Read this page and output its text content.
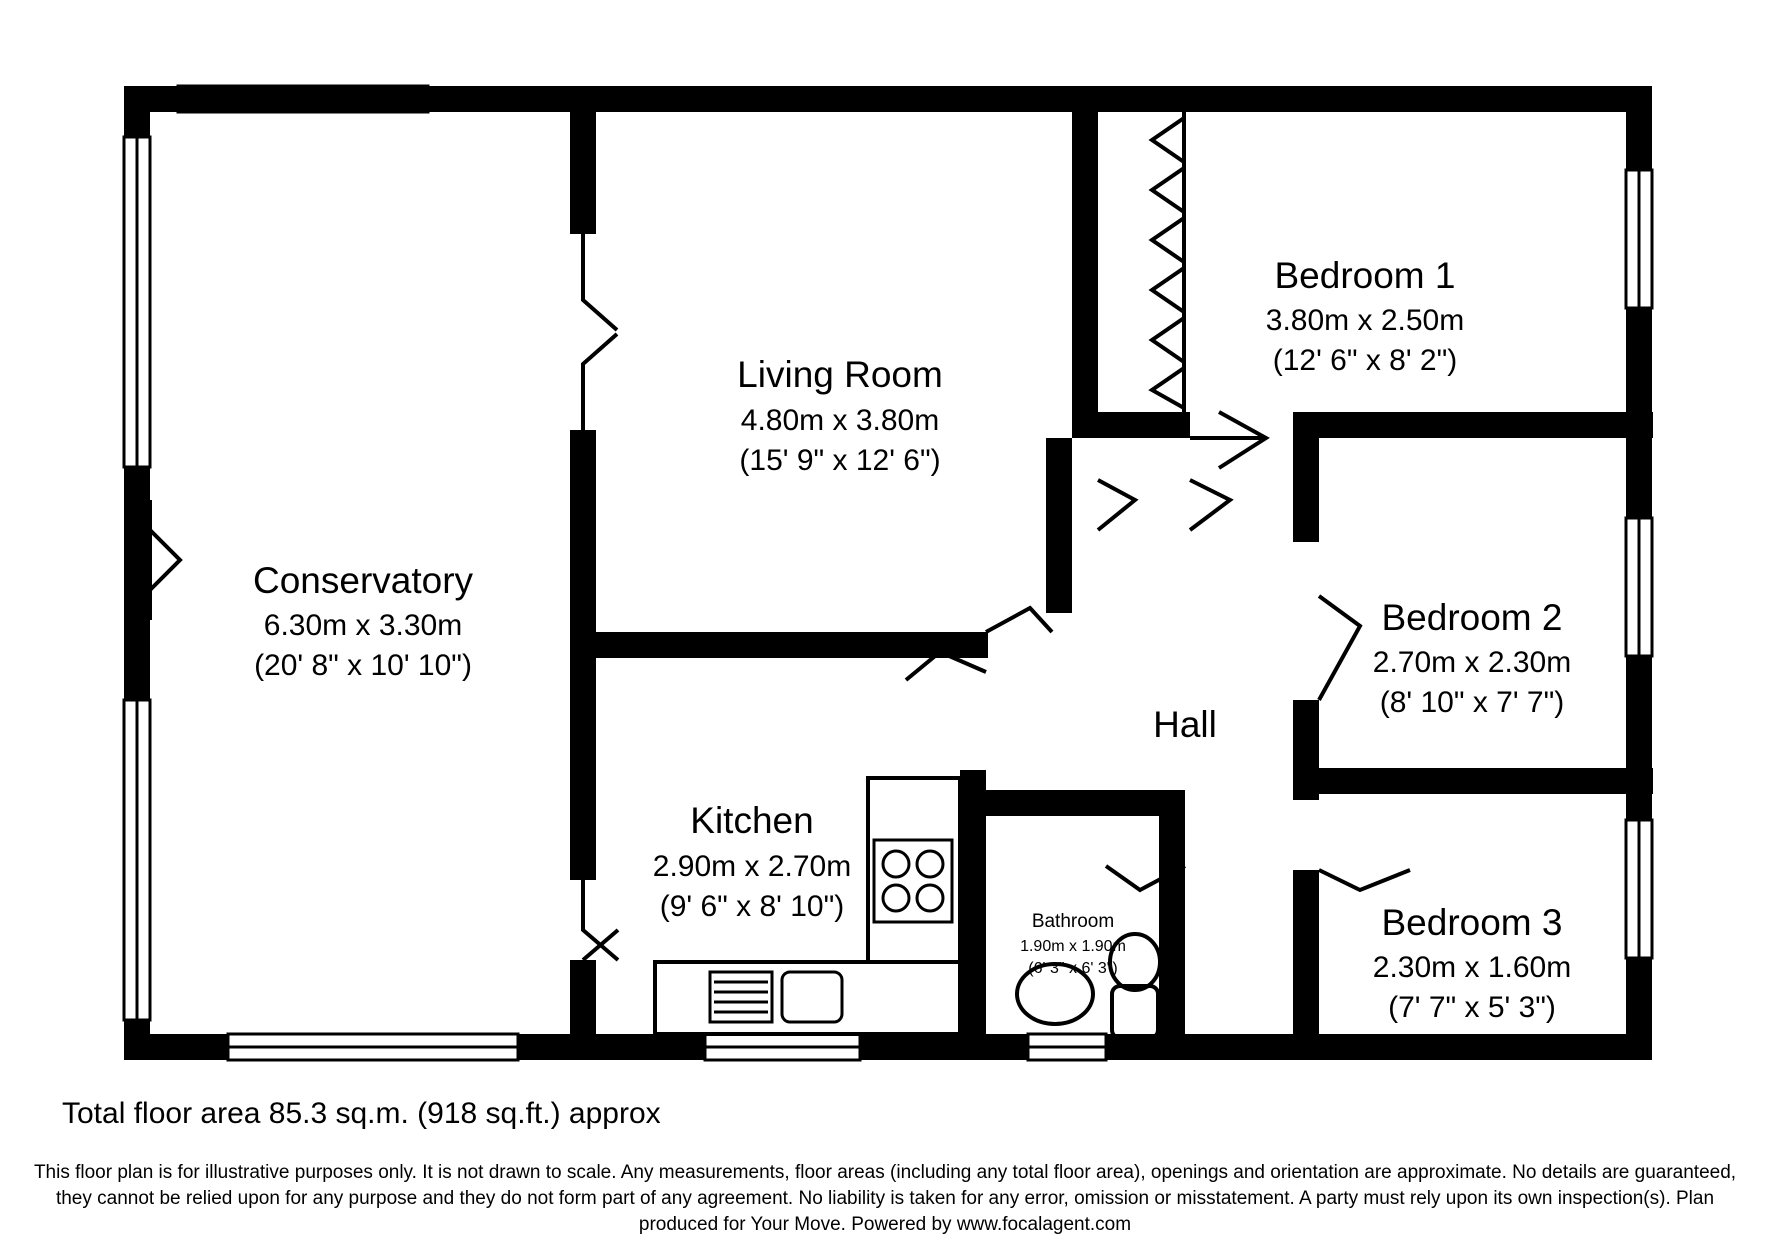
Conservatory
6.30m x 3.30m
(20' 8" x 10' 10")
Living Room
4.80m x 3.80m
(15' 9" x 12' 6")
Kitchen
2.90m x 2.70m
(9' 6" x 8' 10")
Hall
Bathroom
1.90m x 1.90m
(6' 3" x 6' 3")
Bedroom 1
3.80m x 2.50m
(12' 6" x 8' 2")
Bedroom 2
2.70m x 2.30m
(8' 10" x 7' 7")
Bedroom 3
2.30m x 1.60m
(7' 7" x 5' 3")
Total floor area 85.3 sq.m. (918 sq.ft.) approx
This floor plan is for illustrative purposes only. It is not drawn to scale. Any measurements, floor areas (including any total floor area), openings and orientation are approximate. No details are guaranteed,
they cannot be relied upon for any purpose and they do not form part of any agreement. No liability is taken for any error, omission or misstatement. A party must rely upon its own inspection(s). Plan
produced for Your Move. Powered by www.focalagent.com
